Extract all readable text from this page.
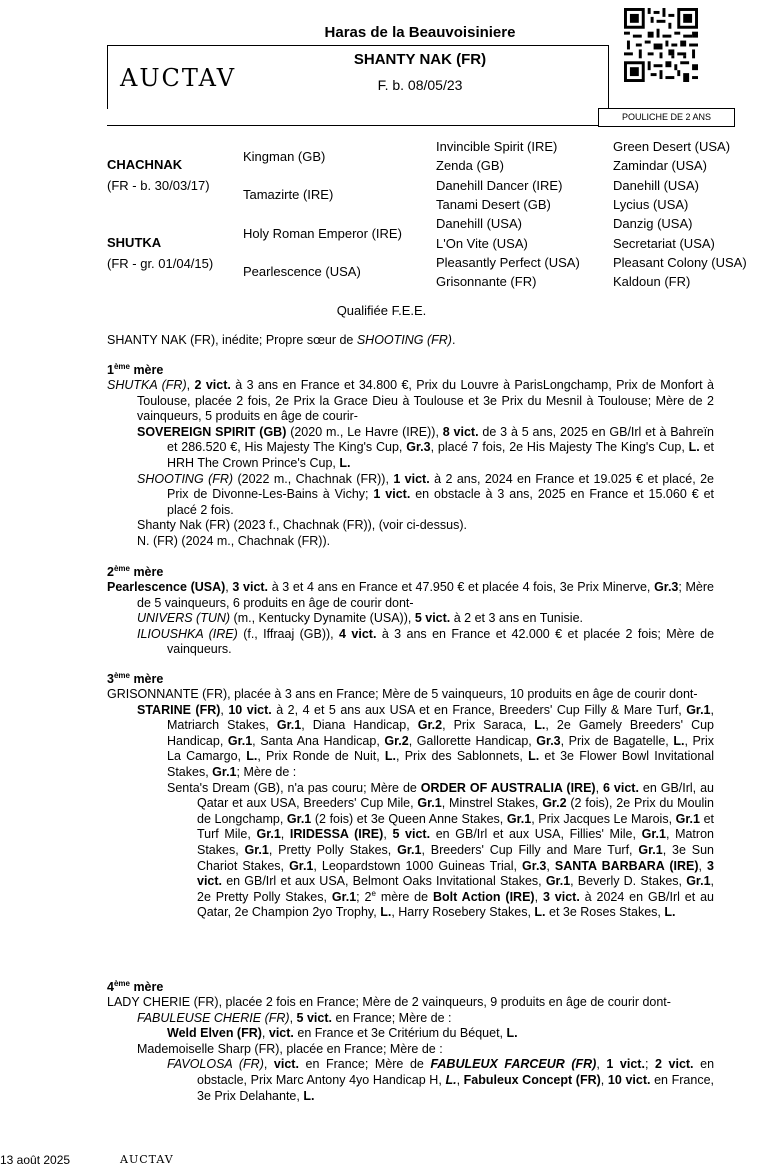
Haras de la Beauvoisiniere
AUCTAV
SHANTY NAK (FR)
F. b. 08/05/23
POULICHE DE 2 ANS
CHACHNAK
(FR - b. 30/03/17)
SHUTKA
(FR - gr. 01/04/15)
Kingman (GB)
Tamazirte (IRE)
Holy Roman Emperor (IRE)
Pearlescence (USA)
Invincible Spirit (IRE)
Zenda (GB)
Danehill Dancer (IRE)
Tanami Desert (GB)
Danehill (USA)
L'On Vite (USA)
Pleasantly Perfect (USA)
Grisonnante (FR)
Green Desert (USA)
Zamindar (USA)
Danehill (USA)
Lycius (USA)
Danzig (USA)
Secretariat (USA)
Pleasant Colony (USA)
Kaldoun (FR)
Qualifiée F.E.E.
SHANTY NAK (FR), inédite; Propre sœur de SHOOTING (FR).
1ème mère
SHUTKA (FR), 2 vict. à 3 ans en France et 34.800 €, Prix du Louvre à ParisLongchamp, Prix de Monfort à Toulouse, placée 2 fois, 2e Prix la Grace Dieu à Toulouse et 3e Prix du Mesnil à Toulouse; Mère de 2 vainqueurs, 5 produits en âge de courir-
SOVEREIGN SPIRIT (GB) (2020 m., Le Havre (IRE)), 8 vict. de 3 à 5 ans, 2025 en GB/Irl et à Bahreïn et 286.520 €, His Majesty The King's Cup, Gr.3, placé 7 fois, 2e His Majesty The King's Cup, L. et HRH The Crown Prince's Cup, L.
SHOOTING (FR) (2022 m., Chachnak (FR)), 1 vict. à 2 ans, 2024 en France et 19.025 € et placé, 2e Prix de Divonne-Les-Bains à Vichy; 1 vict. en obstacle à 3 ans, 2025 en France et 15.060 € et placé 2 fois.
Shanty Nak (FR) (2023 f., Chachnak (FR)), (voir ci-dessus).
N. (FR) (2024 m., Chachnak (FR)).
2ème mère
Pearlescence (USA), 3 vict. à 3 et 4 ans en France et 47.950 € et placée 4 fois, 3e Prix Minerve, Gr.3; Mère de 5 vainqueurs, 6 produits en âge de courir dont-
UNIVERS (TUN) (m., Kentucky Dynamite (USA)), 5 vict. à 2 et 3 ans en Tunisie.
ILIOUSHKA (IRE) (f., Iffraaj (GB)), 4 vict. à 3 ans en France et 42.000 € et placée 2 fois; Mère de vainqueurs.
3ème mère
GRISONNANTE (FR), placée à 3 ans en France; Mère de 5 vainqueurs, 10 produits en âge de courir dont-
STARINE (FR), 10 vict. à 2, 4 et 5 ans aux USA et en France, Breeders' Cup Filly & Mare Turf, Gr.1, Matriarch Stakes, Gr.1, Diana Handicap, Gr.2, Prix Saraca, L., 2e Gamely Breeders' Cup Handicap, Gr.1, Santa Ana Handicap, Gr.2, Gallorette Handicap, Gr.3, Prix de Bagatelle, L., Prix La Camargo, L., Prix Ronde de Nuit, L., Prix des Sablonnets, L. et 3e Flower Bowl Invitational Stakes, Gr.1; Mère de :
Senta's Dream (GB), n'a pas couru; Mère de ORDER OF AUSTRALIA (IRE), 6 vict. en GB/Irl, au Qatar et aux USA, Breeders' Cup Mile, Gr.1, Minstrel Stakes, Gr.2 (2 fois), 2e Prix du Moulin de Longchamp, Gr.1 (2 fois) et 3e Queen Anne Stakes, Gr.1, Prix Jacques Le Marois, Gr.1 et Turf Mile, Gr.1, IRIDESSA (IRE), 5 vict. en GB/Irl et aux USA, Fillies' Mile, Gr.1, Matron Stakes, Gr.1, Pretty Polly Stakes, Gr.1, Breeders' Cup Filly and Mare Turf, Gr.1, 3e Sun Chariot Stakes, Gr.1, Leopardstown 1000 Guineas Trial, Gr.3, SANTA BARBARA (IRE), 3 vict. en GB/Irl et aux USA, Belmont Oaks Invitational Stakes, Gr.1, Beverly D. Stakes, Gr.1, 2e Pretty Polly Stakes, Gr.1; 2e mère de Bolt Action (IRE), 3 vict. à 2024 en GB/Irl et au Qatar, 2e Champion 2yo Trophy, L., Harry Rosebery Stakes, L. et 3e Roses Stakes, L.
4ème mère
LADY CHERIE (FR), placée 2 fois en France; Mère de 2 vainqueurs, 9 produits en âge de courir dont-
FABULEUSE CHERIE (FR), 5 vict. en France; Mère de :
Weld Elven (FR), vict. en France et 3e Critérium du Béquet, L.
Mademoiselle Sharp (FR), placée en France; Mère de :
FAVOLOSA (FR), vict. en France; Mère de FABULEUX FARCEUR (FR), 1 vict.; 2 vict. en obstacle, Prix Marc Antony 4yo Handicap H, L., Fabuleux Concept (FR), 10 vict. en France, 3e Prix Delahante, L.
13 août 2025	AUCTAV
